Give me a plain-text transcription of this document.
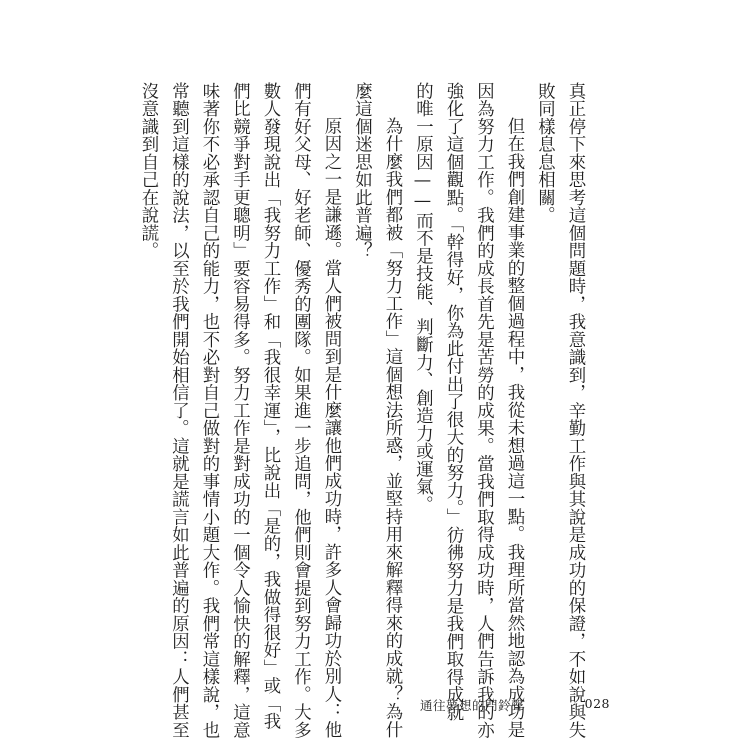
真正停下來思考這個問題時，我意識到，辛勤工作與其說是成功的保證，不如說與失
敗同樣息息相關。
但在我們創建事業的整個過程中，我從未想過這一點。我理所當然地認為成功是
因為努力工作。我們的成長首先是苦勞的成果。當我們取得成功時，人們告訴我的亦
強化了這個觀點。「幹得好，你為此付出了很大的努力。」彷彿努力是我們取得成就
的唯一原因——而不是技能、判斷力、創造力或運氣。
為什麼我們都被「努力工作」這個想法所惑，並堅持用來解釋得來的成就？為什
麼這個迷思如此普遍？
原因之一是謙遜。當人們被問到是什麼讓他們成功時，許多人會歸功於別人：他
們有好父母、好老師、優秀的團隊。如果進一步追問，他們則會提到努力工作。大多
數人發現說出「我努力工作」和「我很幸運」，比說出「是的，我做得很好」或「我
們比競爭對手更聰明」要容易得多。努力工作是對成功的一個令人愉快的解釋，這意
味著你不必承認自己的能力，也不必對自己做對的事情小題大作。我們常這樣說，也
常聽到這樣的說法，以至於我們開始相信了。這就是謊言如此普遍的原因：人們甚至
沒意識到自己在說謊。
通往夢想的門鈴聲	028
